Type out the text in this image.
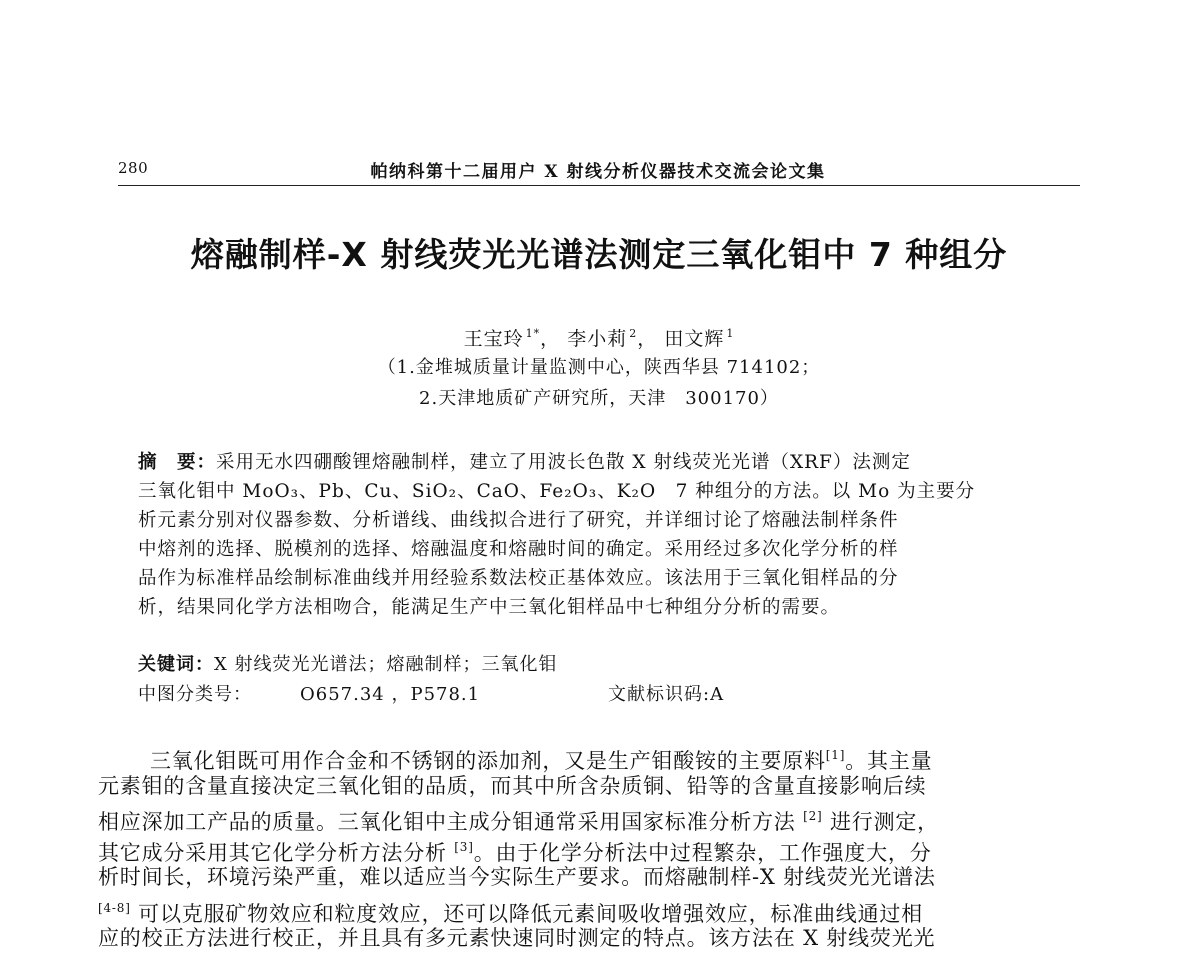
280	帕纳科第十二届用户 X 射线分析仪器技术交流会论文集
熔融制样-X 射线荧光光谱法测定三氧化钼中 7 种组分
王宝玲 $^{1*}$， 李小莉 $^2$， 田文辉 $^1$
（1.金堆城质量计量监测中心，陕西华县 714102；
2.天津地质矿产研究所，天津　300170）
摘　要：采用无水四硼酸锂熔融制样，建立了用波长色散 X 射线荧光光谱（XRF）法测定
三氧化钼中 MoO₃、Pb、Cu、SiO₂、CaO、Fe₂O₃、K₂O　7 种组分的方法。以 Mo 为主要分
析元素分别对仪器参数、分析谱线、曲线拟合进行了研究，并详细讨论了熔融法制样条件
中熔剂的选择、脱模剂的选择、熔融温度和熔融时间的确定。采用经过多次化学分析的样
品作为标准样品绘制标准曲线并用经验系数法校正基体效应。该法用于三氧化钼样品的分
析，结果同化学方法相吻合，能满足生产中三氧化钼样品中七种组分分析的需要。
关键词：X 射线荧光光谱法；熔融制样；三氧化钼
中图分类号：	O657.34 ，P578.1	文献标识码:A
三氧化钼既可用作合金和不锈钢的添加剂，又是生产钼酸铵的主要原料[1]。其主量
元素钼的含量直接决定三氧化钼的品质，而其中所含杂质铜、铅等的含量直接影响后续
相应深加工产品的质量。三氧化钼中主成分钼通常采用国家标准分析方法 [2] 进行测定，
其它成分采用其它化学分析方法分析 [3]。由于化学分析法中过程繁杂，工作强度大，分
析时间长，环境污染严重，难以适应当今实际生产要求。而熔融制样-X 射线荧光光谱法
[4-8] 可以克服矿物效应和粒度效应，还可以降低元素间吸收增强效应，标准曲线通过相
应的校正方法进行校正，并且具有多元素快速同时测定的特点。该方法在 X 射线荧光光
